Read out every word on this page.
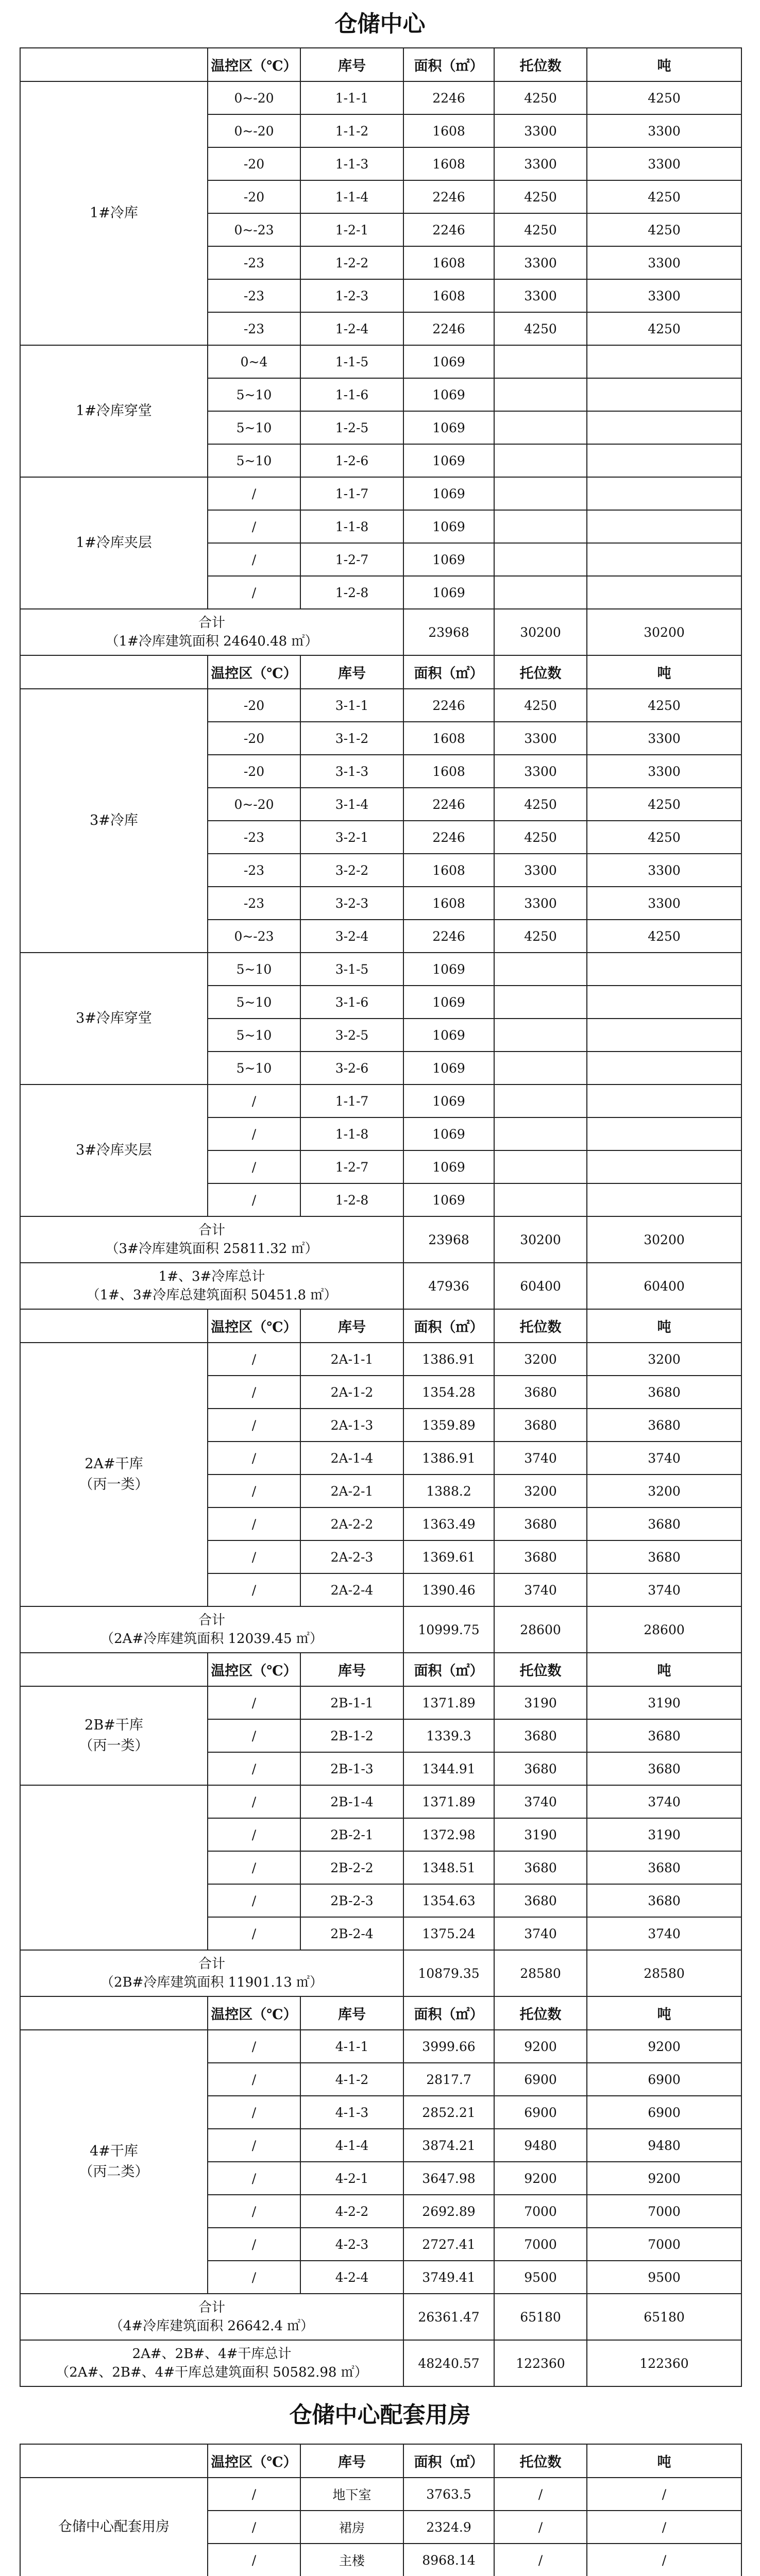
仓储中心
	温控区（℃）	库号	面积（㎡）	托位数	吨

1#冷库	0~-20	1-1-1	2246	4250	4250
	0~-20	1-1-2	1608	3300	3300
	-20	1-1-3	1608	3300	3300
	-20	1-1-4	2246	4250	4250
	0~-23	1-2-1	2246	4250	4250
	-23	1-2-2	1608	3300	3300
	-23	1-2-3	1608	3300	3300
	-23	1-2-4	2246	4250	4250

1#冷库穿堂	0~4	1-1-5	1069		
	5~10	1-1-6	1069		
	5~10	1-2-5	1069		
	5~10	1-2-6	1069		

1#冷库夹层	/	1-1-7	1069		
	/	1-1-8	1069		
	/	1-2-7	1069		
	/	1-2-8	1069		

合计
（1#冷库建筑面积 24640.48 ㎡）			23968	30200	30200
	温控区（℃）	库号	面积（㎡）	托位数	吨

3#冷库	-20	3-1-1	2246	4250	4250
	-20	3-1-2	1608	3300	3300
	-20	3-1-3	1608	3300	3300
	0~-20	3-1-4	2246	4250	4250
	-23	3-2-1	2246	4250	4250
	-23	3-2-2	1608	3300	3300
	-23	3-2-3	1608	3300	3300
	0~-23	3-2-4	2246	4250	4250

3#冷库穿堂	5~10	3-1-5	1069		
	5~10	3-1-6	1069		
	5~10	3-2-5	1069		
	5~10	3-2-6	1069		

3#冷库夹层	/	1-1-7	1069		
	/	1-1-8	1069		
	/	1-2-7	1069		
	/	1-2-8	1069		

合计
（3#冷库建筑面积 25811.32 ㎡）			23968	30200	30200

1#、3#冷库总计
（1#、3#冷库总建筑面积 50451.8 ㎡）			47936	60400	60400
	温控区（℃）	库号	面积（㎡）	托位数	吨

2A#干库
（丙一类）	/	2A-1-1	1386.91	3200	3200
	/	2A-1-2	1354.28	3680	3680
	/	2A-1-3	1359.89	3680	3680
	/	2A-1-4	1386.91	3740	3740
	/	2A-2-1	1388.2	3200	3200
	/	2A-2-2	1363.49	3680	3680
	/	2A-2-3	1369.61	3680	3680
	/	2A-2-4	1390.46	3740	3740

合计
（2A#冷库建筑面积 12039.45 ㎡）			10999.75	28600	28600
	温控区（℃）	库号	面积（㎡）	托位数	吨

2B#干库
（丙一类）	/	2B-1-1	1371.89	3190	3190
	/	2B-1-2	1339.3	3680	3680
	/	2B-1-3	1344.91	3680	3680
	/	2B-1-4	1371.89	3740	3740
	/	2B-2-1	1372.98	3190	3190
	/	2B-2-2	1348.51	3680	3680
	/	2B-2-3	1354.63	3680	3680
	/	2B-2-4	1375.24	3740	3740

合计
（2B#冷库建筑面积 11901.13 ㎡）			10879.35	28580	28580
	温控区（℃）	库号	面积（㎡）	托位数	吨

4#干库
（丙二类）	/	4-1-1	3999.66	9200	9200
	/	4-1-2	2817.7	6900	6900
	/	4-1-3	2852.21	6900	6900
	/	4-1-4	3874.21	9480	9480
	/	4-2-1	3647.98	9200	9200
	/	4-2-2	2692.89	7000	7000
	/	4-2-3	2727.41	7000	7000
	/	4-2-4	3749.41	9500	9500

合计
（4#冷库建筑面积 26642.4 ㎡）			26361.47	65180	65180

2A#、2B#、4#干库总计
（2A#、2B#、4#干库总建筑面积 50582.98 ㎡）			48240.57	122360	122360
仓储中心配套用房
	温控区（℃）	库号	面积（㎡）	托位数	吨

仓储中心配套用房	/	地下室	3763.5	/	/
	/	裙房	2324.9	/	/
	/	主楼	8968.14	/	/
